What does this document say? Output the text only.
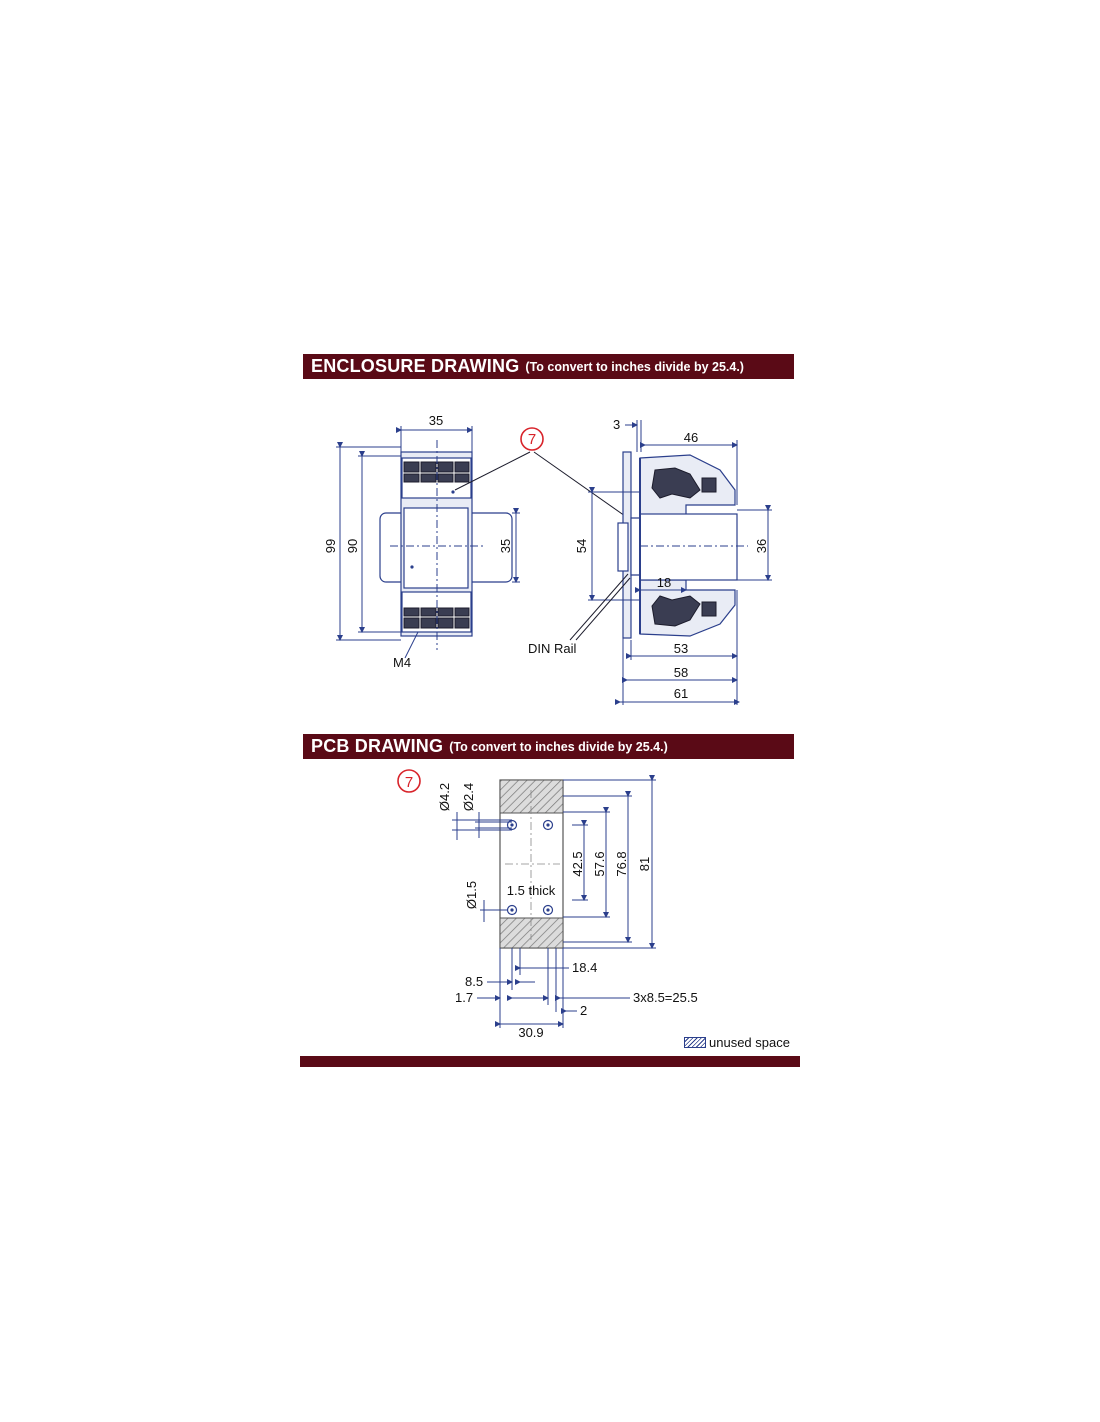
ENCLOSURE DRAWING (To convert to inches divide by 25.4.)
PCB DRAWING (To convert to inches divide by 25.4.)
35
99 90	35
M4
7
3
46
54	36
18
53
58
61
DIN Rail
7
1.5 thick
Ø4.2 Ø2.4
Ø1.5
42.5 57.6 76.8 81
18.4
8.5
1.7	3x8.5=25.5
2
30.9
unused space
